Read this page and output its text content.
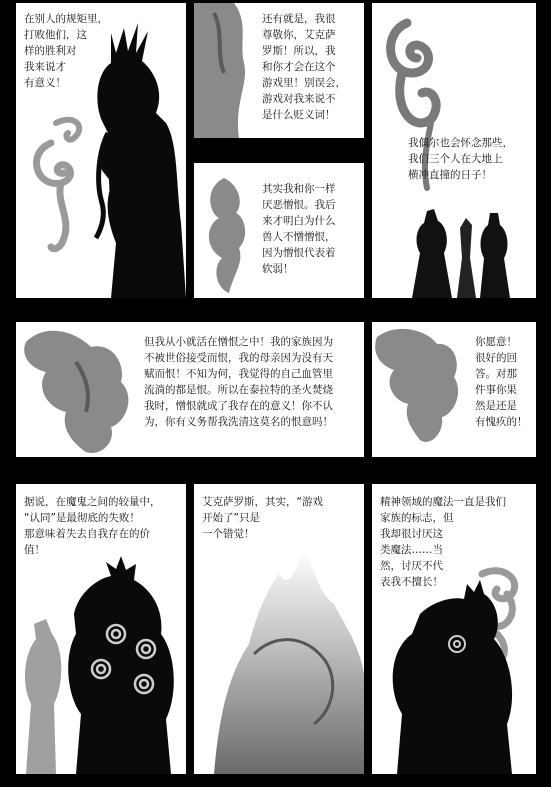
在别人的规矩里，
打败他们，这
样的胜利对
我来说才
有意义！
还有就是，我很
尊敬你，艾克萨
罗斯！所以，我
和你才会在这个
游戏里！别误会，
游戏对我来说不
是什么贬义词！
我偶尔也会怀念那些，
我们三个人在大地上
横冲直撞的日子！
其实我和你一样
厌恶憎恨。我后
来才明白为什么
兽人不憎憎恨，
因为憎恨代表着
软弱！
但我从小就活在憎恨之中！我的家族因为
不被世俗接受而恨，我的母亲因为没有天
赋而恨！不知为何，我觉得的自己血管里
流淌的都是恨。所以在泰拉特的圣火焚烧
我时，憎恨就成了我存在的意义！你不认
为，你有义务帮我洗清这莫名的恨意吗！
你愿意！
很好的回
答。对那
件事你果
然是还是
有愧疚的！
据说，在魔鬼之间的较量中，
“认同”是最彻底的失败！
那意味着失去自我存在的价
值！
艾克萨罗斯，其实，“游戏
开始了”只是
一个错觉！
精神领域的魔法一直是我们
家族的标志，但
我却很讨厌这
类魔法……当
然，讨厌不代
表我不擅长！
